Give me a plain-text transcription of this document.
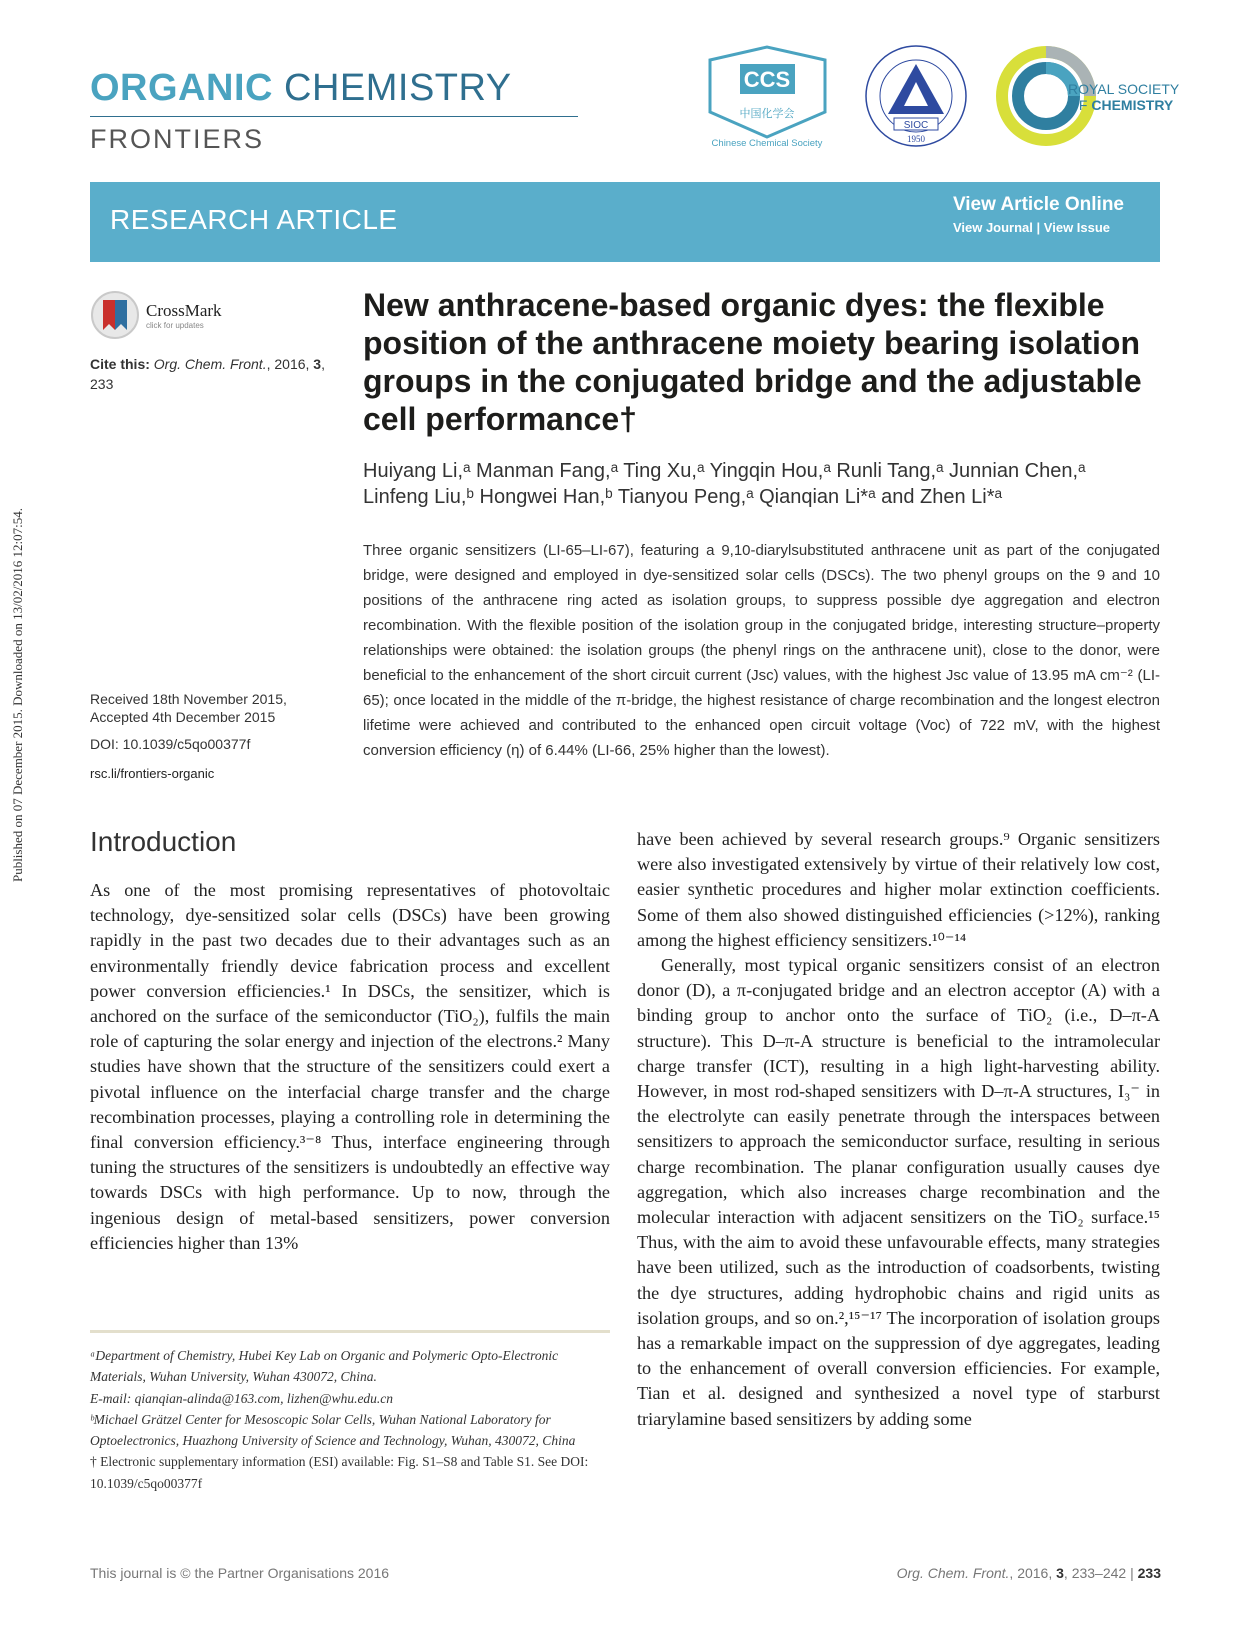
Published on 07 December 2015. Downloaded on 13/02/2016 12:07:54.
ORGANIC CHEMISTRY
FRONTIERS
CCS
中国化学会
Chinese Chemical Society
SIOC
1950
ROYAL SOCIETY
OF CHEMISTRY
RESEARCH ARTICLE	View Article Online
View Journal | View Issue
CrossMark
click for updates
Cite this: Org. Chem. Front., 2016, 3, 233
New anthracene-based organic dyes: the flexible position of the anthracene moiety bearing isolation groups in the conjugated bridge and the adjustable cell performance†
Huiyang Li,ᵃ Manman Fang,ᵃ Ting Xu,ᵃ Yingqin Hou,ᵃ Runli Tang,ᵃ Junnian Chen,ᵃ
Linfeng Liu,ᵇ Hongwei Han,ᵇ Tianyou Peng,ᵃ Qianqian Li*ᵃ and Zhen Li*ᵃ
Three organic sensitizers (LI-65–LI-67), featuring a 9,10-diarylsubstituted anthracene unit as part of the conjugated bridge, were designed and employed in dye-sensitized solar cells (DSCs). The two phenyl groups on the 9 and 10 positions of the anthracene ring acted as isolation groups, to suppress possible dye aggregation and electron recombination. With the flexible position of the isolation group in the conjugated bridge, interesting structure–property relationships were obtained: the isolation groups (the phenyl rings on the anthracene unit), close to the donor, were beneficial to the enhancement of the short circuit current (Jsc) values, with the highest Jsc value of 13.95 mA cm⁻² (LI-65); once located in the middle of the π-bridge, the highest resistance of charge recombination and the longest electron lifetime were achieved and contributed to the enhanced open circuit voltage (Voc) of 722 mV, with the highest conversion efficiency (η) of 6.44% (LI-66, 25% higher than the lowest).
Received 18th November 2015,
Accepted 4th December 2015
DOI: 10.1039/c5qo00377f
rsc.li/frontiers-organic
Introduction

As one of the most promising representatives of photovoltaic technology, dye-sensitized solar cells (DSCs) have been growing rapidly in the past two decades due to their advantages such as an environmentally friendly device fabrication process and excellent power conversion efficiencies.¹ In DSCs, the sensitizer, which is anchored on the surface of the semiconductor (TiO₂), fulfils the main role of capturing the solar energy and injection of the electrons.² Many studies have shown that the structure of the sensitizers could exert a pivotal influence on the interfacial charge transfer and the charge recombination processes, playing a controlling role in determining the final conversion efficiency.³⁻⁸ Thus, interface engineering through tuning the structures of the sensitizers is undoubtedly an effective way towards DSCs with high performance. Up to now, through the ingenious design of metal-based sensitizers, power conversion efficiencies higher than 13%

have been achieved by several research groups.⁹ Organic sensitizers were also investigated extensively by virtue of their relatively low cost, easier synthetic procedures and higher molar extinction coefficients. Some of them also showed distinguished efficiencies (>12%), ranking among the highest efficiency sensitizers.¹⁰⁻¹⁴

Generally, most typical organic sensitizers consist of an electron donor (D), a π-conjugated bridge and an electron acceptor (A) with a binding group to anchor onto the surface of TiO₂ (i.e., D–π-A structure). This D–π-A structure is beneficial to the intramolecular charge transfer (ICT), resulting in a high light-harvesting ability. However, in most rod-shaped sensitizers with D–π-A structures, I₃⁻ in the electrolyte can easily penetrate through the interspaces between sensitizers to approach the semiconductor surface, resulting in serious charge recombination. The planar configuration usually causes dye aggregation, which also increases charge recombination and the molecular interaction with adjacent sensitizers on the TiO₂ surface.¹⁵ Thus, with the aim to avoid these unfavourable effects, many strategies have been utilized, such as the introduction of coadsorbents, twisting the dye structures, adding hydrophobic chains and rigid units as isolation groups, and so on.²,¹⁵⁻¹⁷ The incorporation of isolation groups has a remarkable impact on the suppression of dye aggregates, leading to the enhancement of overall conversion efficiencies. For example, Tian et al. designed and synthesized a novel type of starburst triarylamine based sensitizers by adding some

ᵃDepartment of Chemistry, Hubei Key Lab on Organic and Polymeric Opto-Electronic Materials, Wuhan University, Wuhan 430072, China.
E-mail: qianqian-alinda@163.com, lizhen@whu.edu.cn
ᵇMichael Grätzel Center for Mesoscopic Solar Cells, Wuhan National Laboratory for Optoelectronics, Huazhong University of Science and Technology, Wuhan, 430072, China
† Electronic supplementary information (ESI) available: Fig. S1–S8 and Table S1. See DOI: 10.1039/c5qo00377f
This journal is © the Partner Organisations 2016	Org. Chem. Front., 2016, 3, 233–242 | 233
